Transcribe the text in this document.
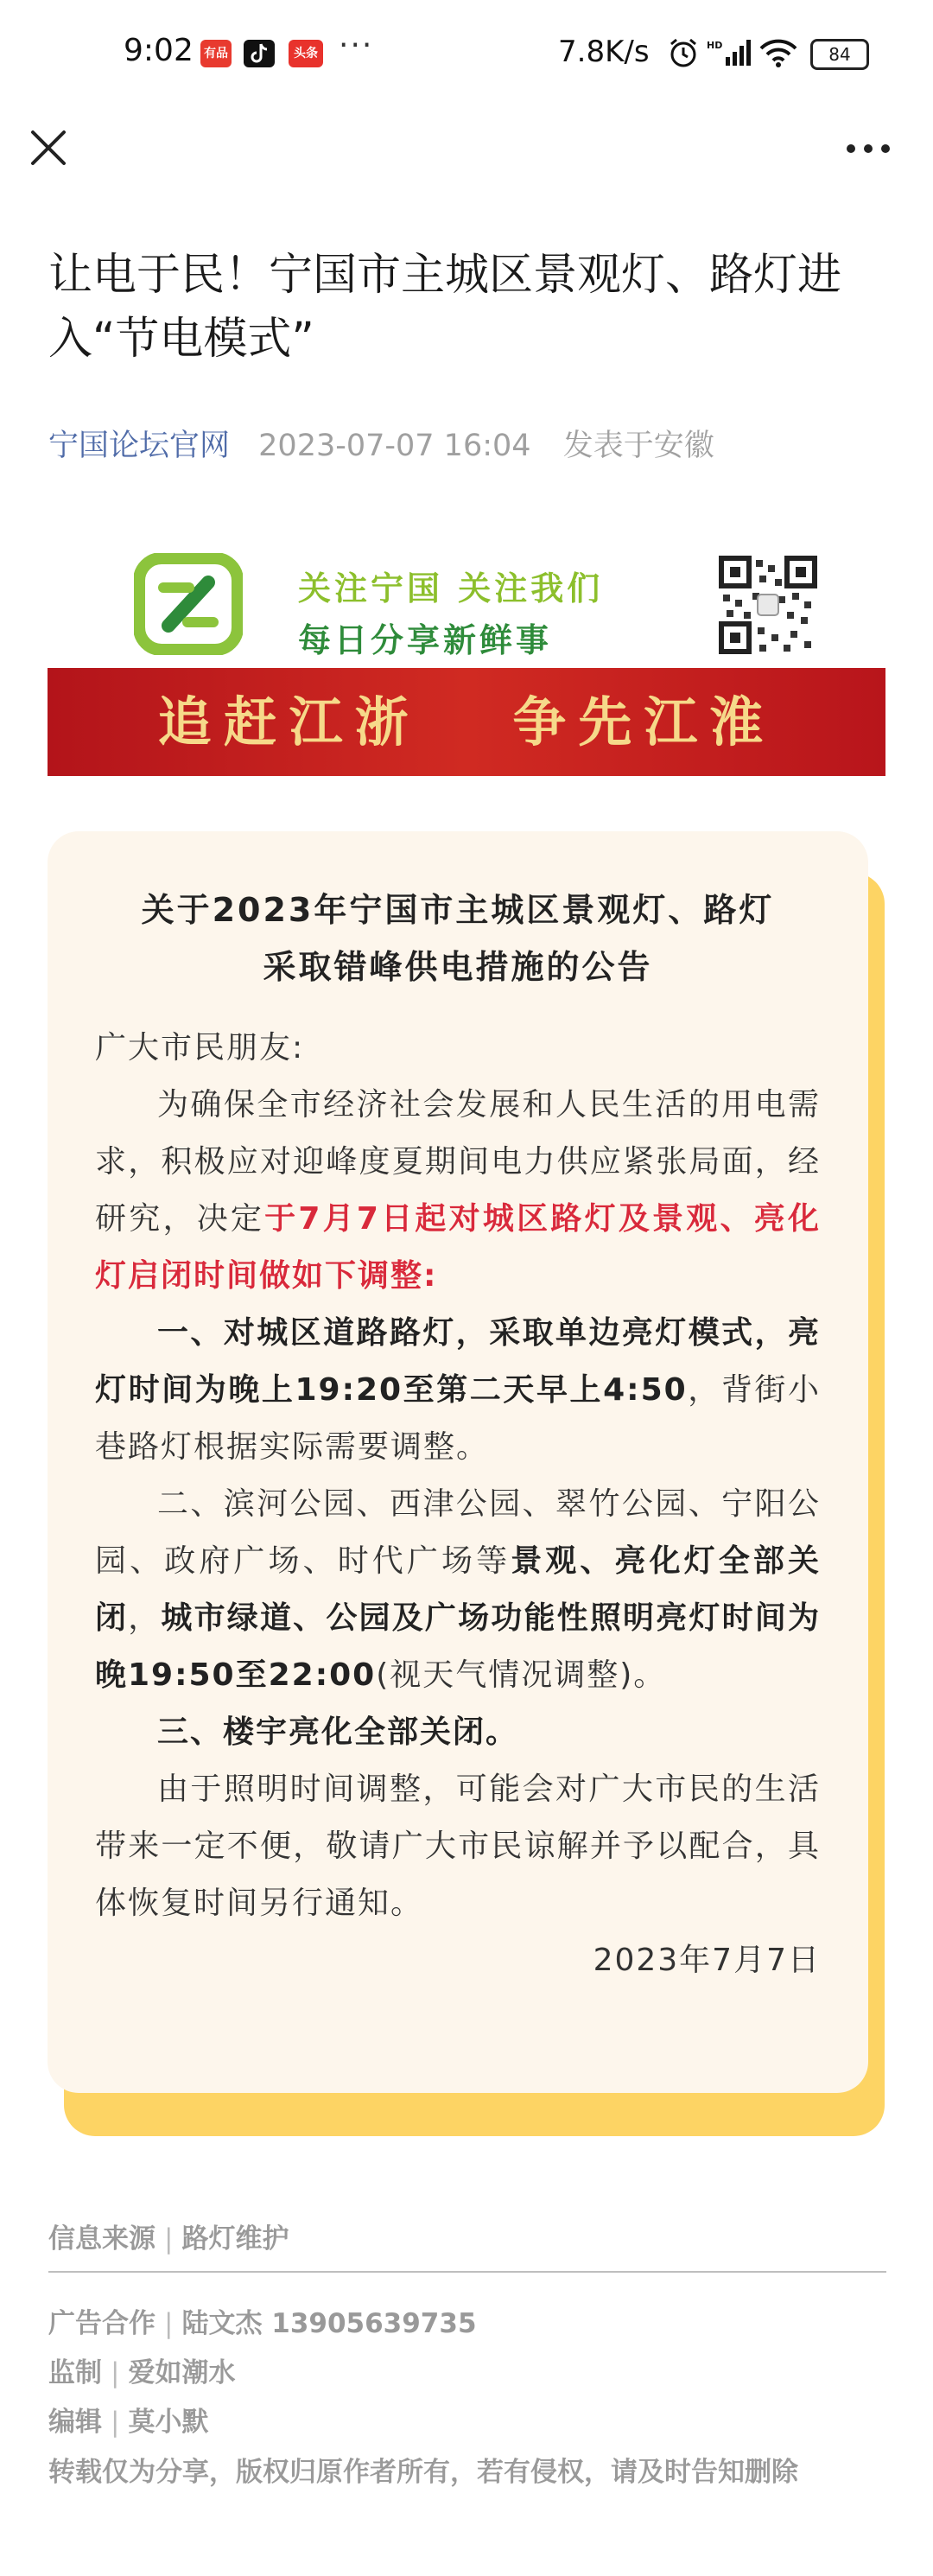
9:02 有品	头条 ···	7.8K/s	HD	84
让电于民！宁国市主城区景观灯、路灯进入“节电模式”
宁国论坛官网 2023-07-07 16:04 发表于安徽
关注宁国 关注我们
每日分享新鲜事
追赶江浙   争先江淮
关于2023年宁国市主城区景观灯、路灯
采取错峰供电措施的公告

广大市民朋友:

为确保全市经济社会发展和人民生活的用电需求，积极应对迎峰度夏期间电力供应紧张局面，经研究，决定于7月7日起对城区路灯及景观、亮化灯启闭时间做如下调整:

一、对城区道路路灯，采取单边亮灯模式，亮灯时间为晚上19:20至第二天早上4:50，背街小巷路灯根据实际需要调整。

二、滨河公园、西津公园、翠竹公园、宁阳公园、政府广场、时代广场等景观、亮化灯全部关闭，城市绿道、公园及广场功能性照明亮灯时间为晚19:50至22:00(视天气情况调整)。

三、楼宇亮化全部关闭。

由于照明时间调整，可能会对广大市民的生活带来一定不便，敬请广大市民谅解并予以配合，具体恢复时间另行通知。

2023年7月7日

信息来源 | 路灯维护
广告合作 | 陆文杰 13905639735
监制 | 爱如潮水
编辑 | 莫小默
转载仅为分享，版权归原作者所有，若有侵权，请及时告知删除
